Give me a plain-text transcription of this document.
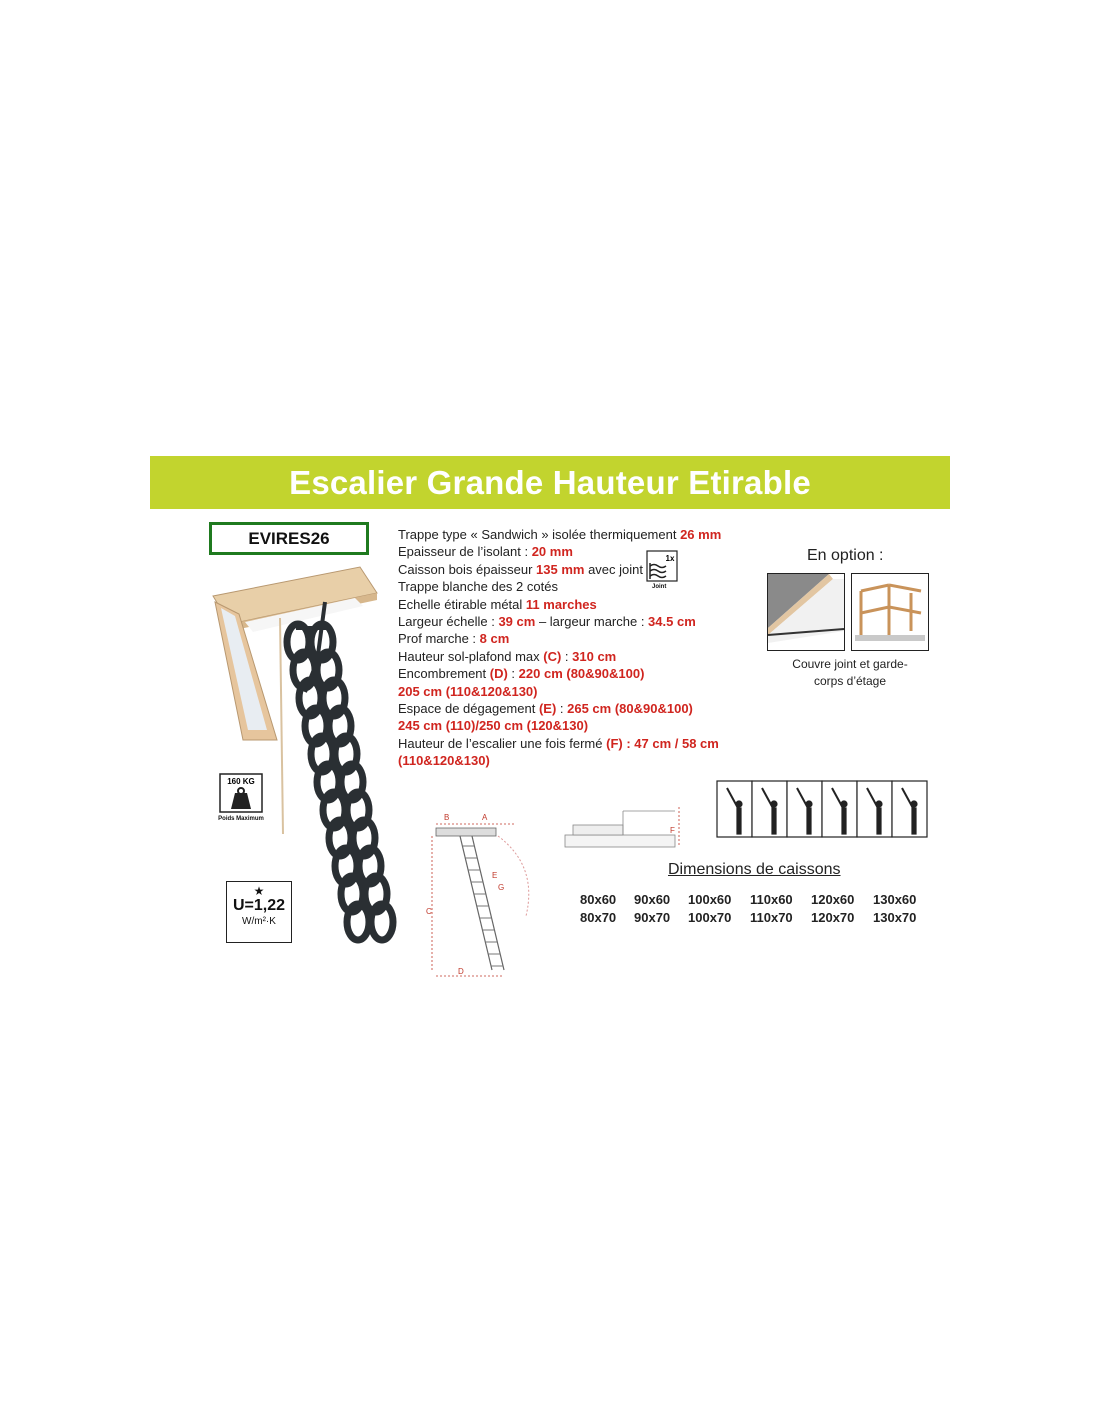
Escalier Grande Hauteur Etirable
EVIRES26
160 KG
Poids Maximum
★
U=1,22
W/m²·K
Trappe type « Sandwich » isolée thermiquement 26 mm
Epaisseur de l’isolant : 20 mm
Caisson bois épaisseur 135 mm avec joint
Trappe blanche des 2 cotés
Echelle étirable métal 11 marches
Largeur échelle : 39 cm – largeur marche : 34.5 cm
Prof marche : 8 cm
Hauteur sol-plafond max (C) : 310 cm
Encombrement (D) : 220 cm (80&90&100)
205 cm (110&120&130)
Espace de dégagement (E) : 265 cm (80&90&100)
245 cm (110)/250 cm (120&130)
Hauteur de l’escalier une fois fermé (F) : 47 cm / 58 cm
(110&120&130)
1x
Joint
En option :
Couvre joint et garde-corps d’étage
B	A
C
D
E
G
F
Dimensions de caissons
80x60 90x60 100x60 110x60 120x60 130x60
80x70 90x70 100x70 110x70 120x70 130x70
